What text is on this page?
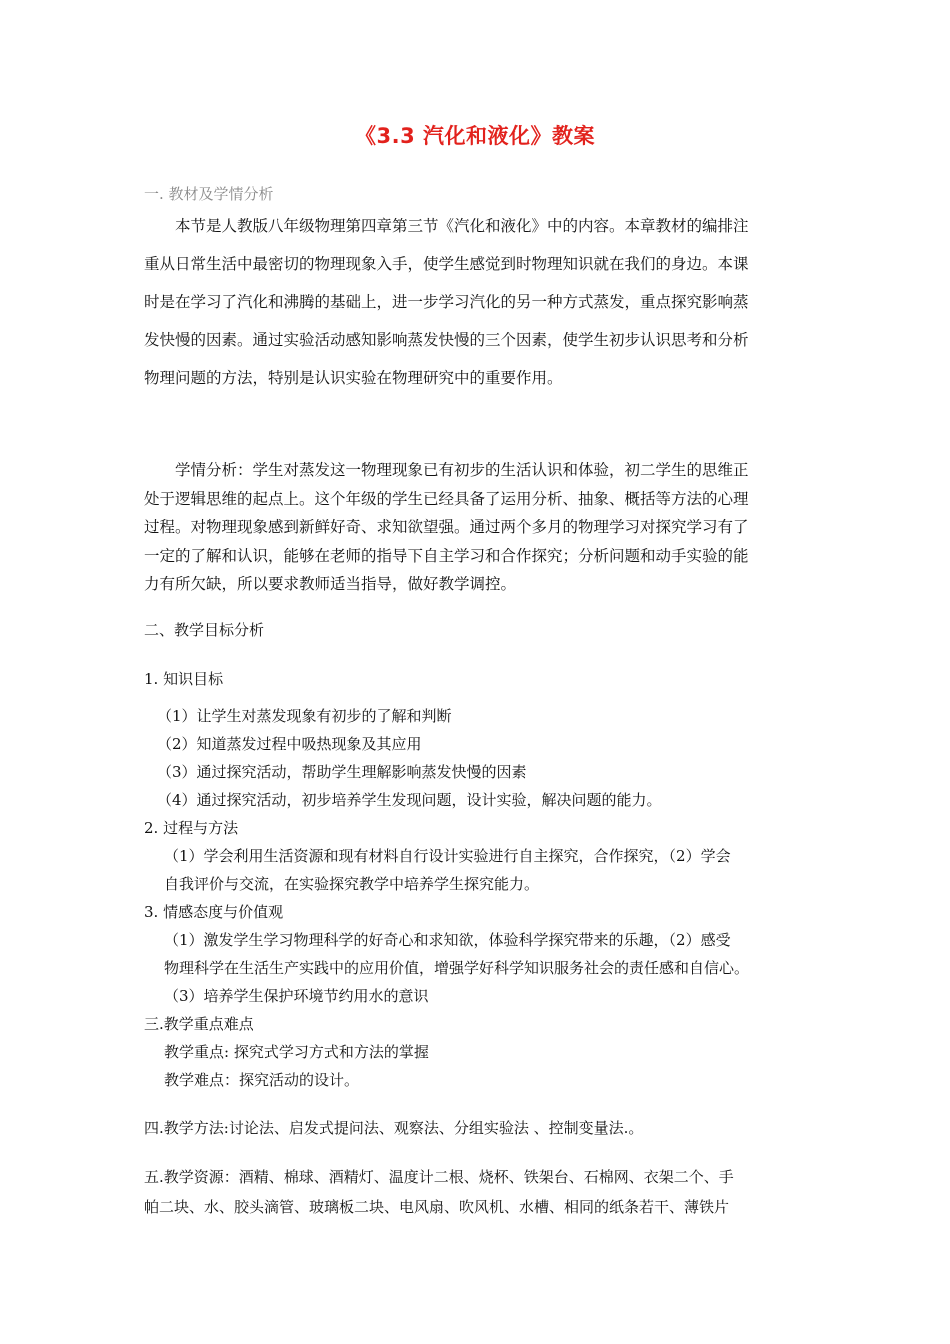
《3.3 汽化和液化》教案
一. 教材及学情分析
　　本节是人教版八年级物理第四章第三节《汽化和液化》中的内容。本章教材的编排注
重从日常生活中最密切的物理现象入手，使学生感觉到时物理知识就在我们的身边。本课
时是在学习了汽化和沸腾的基础上，进一步学习汽化的另一种方式蒸发，重点探究影响蒸
发快慢的因素。通过实验活动感知影响蒸发快慢的三个因素，使学生初步认识思考和分析
物理问题的方法，特别是认识实验在物理研究中的重要作用。
　　学情分析：学生对蒸发这一物理现象已有初步的生活认识和体验，初二学生的思维正
处于逻辑思维的起点上。这个年级的学生已经具备了运用分析、抽象、概括等方法的心理
过程。对物理现象感到新鲜好奇、求知欲望强。通过两个多月的物理学习对探究学习有了
一定的了解和认识，能够在老师的指导下自主学习和合作探究；分析问题和动手实验的能
力有所欠缺，所以要求教师适当指导，做好教学调控。
二、教学目标分析
1. 知识目标
（1）让学生对蒸发现象有初步的了解和判断
（2）知道蒸发过程中吸热现象及其应用
（3）通过探究活动，帮助学生理解影响蒸发快慢的因素
（4）通过探究活动，初步培养学生发现问题，设计实验，解决问题的能力。
2. 过程与方法
（1）学会利用生活资源和现有材料自行设计实验进行自主探究，合作探究，（2）学会
自我评价与交流，在实验探究教学中培养学生探究能力。
3. 情感态度与价值观
（1）激发学生学习物理科学的好奇心和求知欲，体验科学探究带来的乐趣，（2）感受
物理科学在生活生产实践中的应用价值，增强学好科学知识服务社会的责任感和自信心。
（3）培养学生保护环境节约用水的意识
三.教学重点难点
教学重点: 探究式学习方式和方法的掌握
教学难点：探究活动的设计。
四.教学方法:讨论法、启发式提问法、观察法、分组实验法 、控制变量法.。
五.教学资源：酒精、棉球、酒精灯、温度计二根、烧杯、铁架台、石棉网、衣架二个、手
帕二块、水、胶头滴管、玻璃板二块、电风扇、吹风机、水槽、相同的纸条若干、薄铁片
